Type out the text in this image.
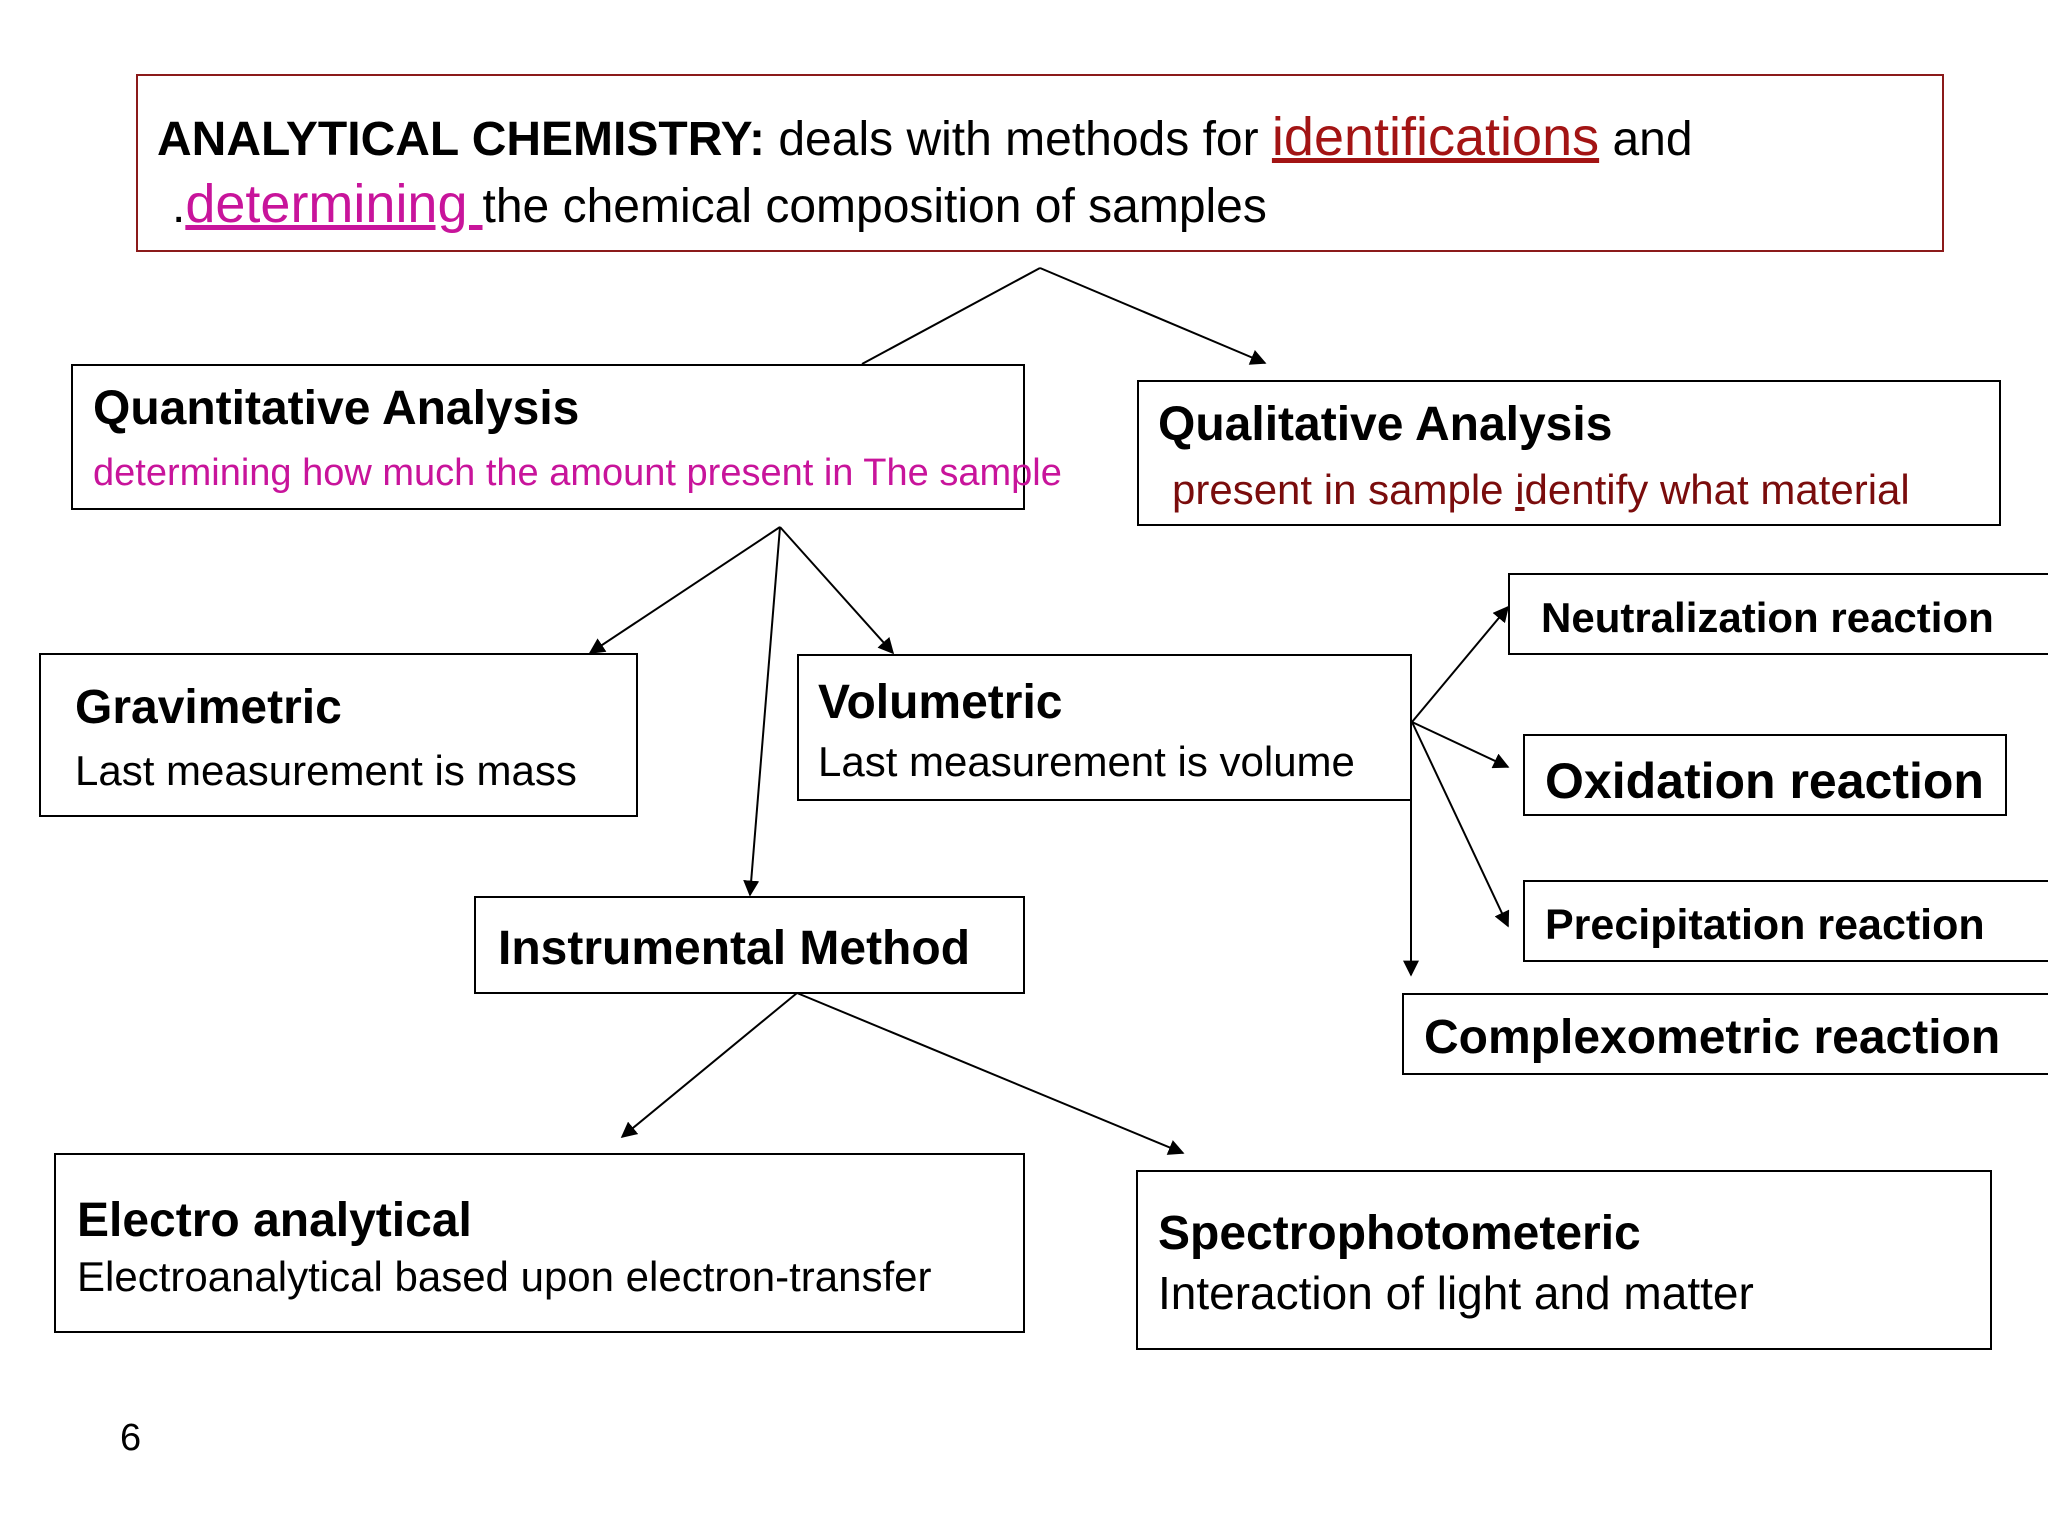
ANALYTICAL CHEMISTRY: deals with methods for identifications and
.determining the chemical composition of samples
Quantitative Analysis
determining how much the amount present in The sample
Qualitative Analysis
present in sample identify what material
Gravimetric
Last measurement is mass
Volumetric
Last measurement is volume
Neutralization reaction
Oxidation reaction
Precipitation reaction
Complexometric reaction
Instrumental Method
Electro analytical
Electroanalytical based upon electron-transfer
Spectrophotometeric
Interaction of light and matter
6
